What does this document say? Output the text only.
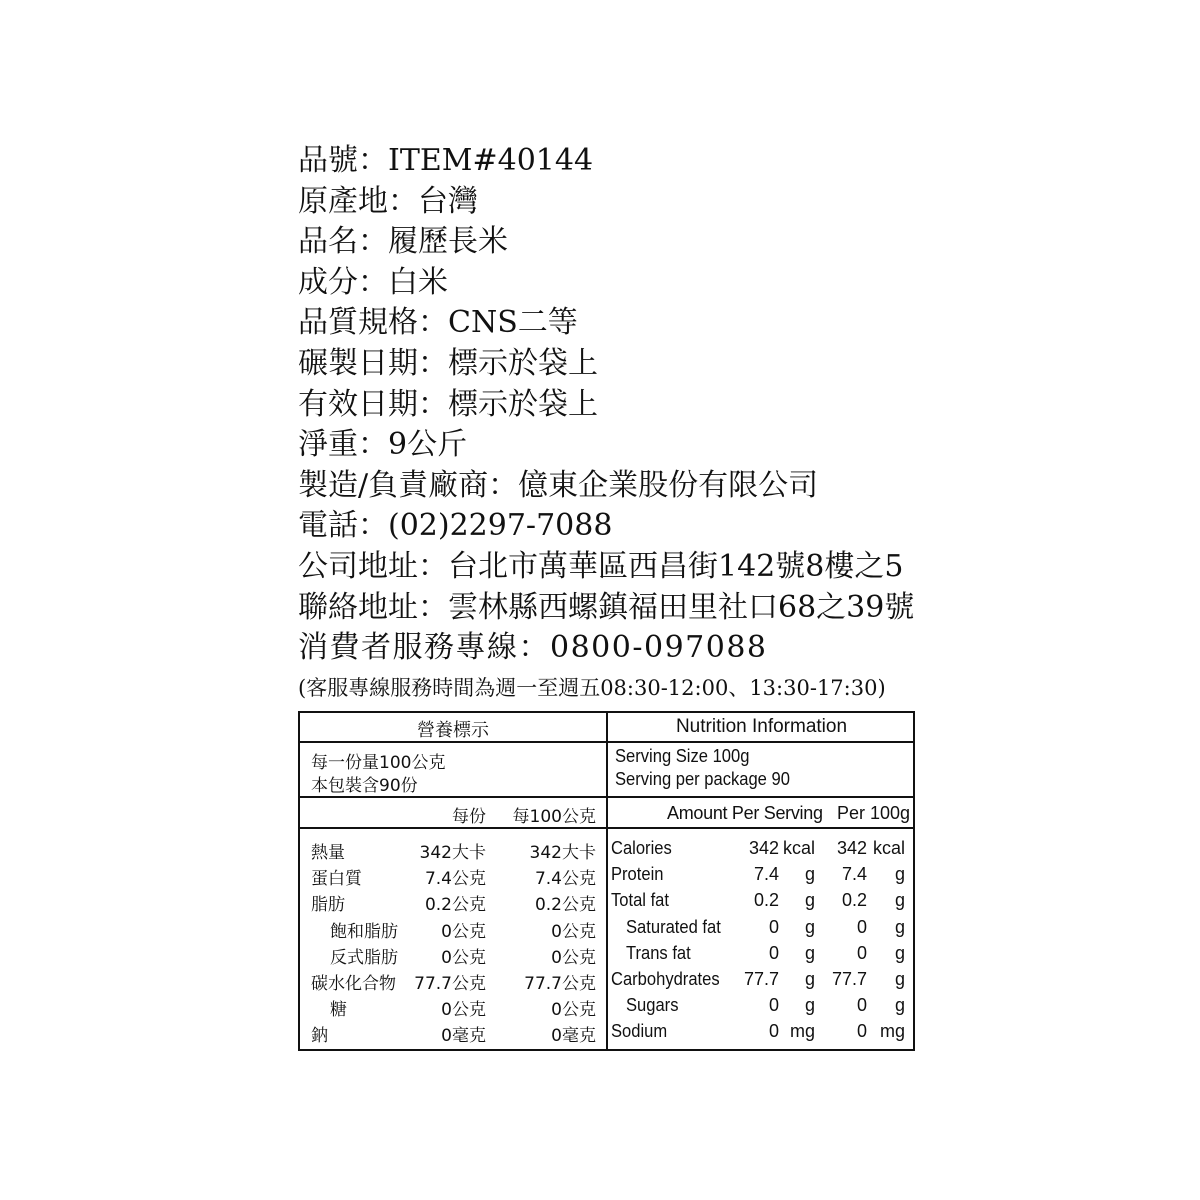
品號：ITEM#40144
原產地：台灣
品名：履歷長米
成分：白米
品質規格：CNS二等
碾製日期：標示於袋上
有效日期：標示於袋上
淨重：9公斤
製造/負責廠商：億東企業股份有限公司
電話：(02)2297-7088
公司地址：台北市萬華區西昌街142號8樓之5
聯絡地址：雲林縣西螺鎮福田里社口68之39號
消費者服務專線：0800-097088
(客服專線服務時間為週一至週五08:30-12:00、13:30-17:30)
營養標示	Nutrition Information
每一份量100公克
本包裝含90份
Serving Size 100g
Serving per package 90
每份 每100公克	Amount Per Serving Per 100g
熱量	342大卡	342大卡 Calories	342 kcal 342 kcal
蛋白質	7.4公克	7.4公克 Protein	7.4 g 7.4 g
脂肪	0.2公克	0.2公克 Total fat	0.2 g 0.2 g
飽和脂肪	0公克	0公克 Saturated fat	0 g 0 g
反式脂肪	0公克	0公克 Trans fat	0 g 0 g
碳水化合物 77.7公克 77.7公克 Carbohydrates 77.7 g 77.7 g
糖	0公克	0公克 Sugars	0 g 0 g
鈉	0毫克	0毫克 Sodium	0 mg 0 mg
